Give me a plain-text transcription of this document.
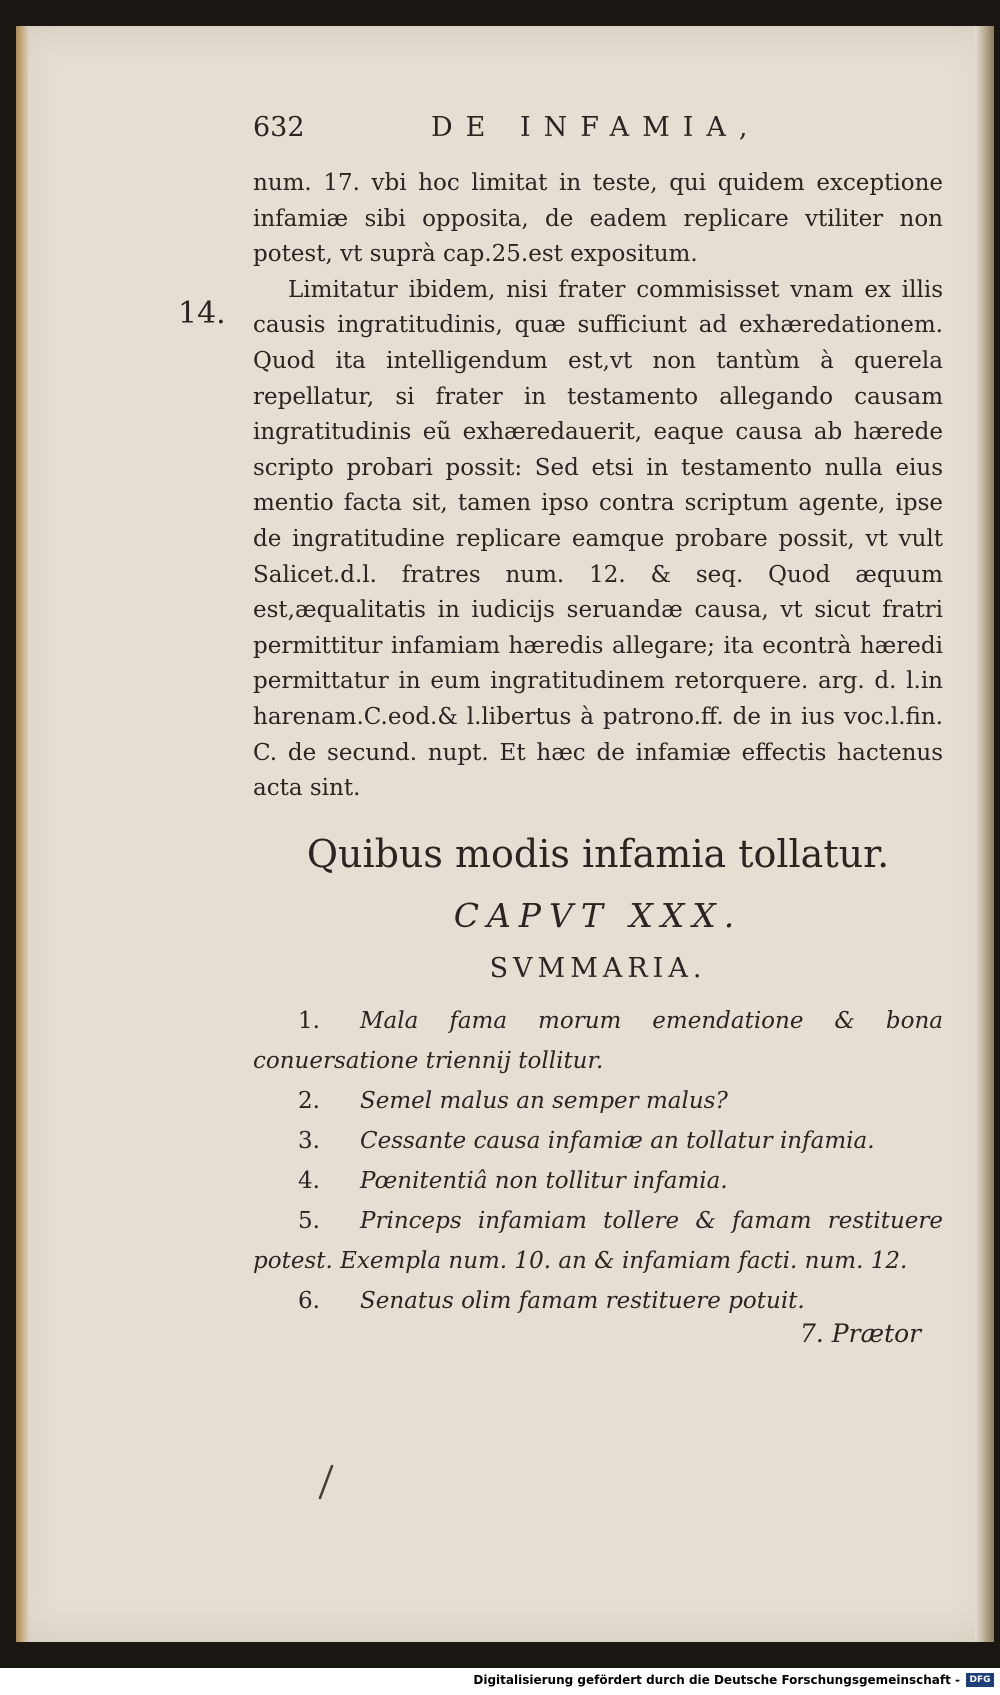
632	DE INFAMIA,
14.

num. 17. vbi hoc limitat in teste, qui quidem exceptione infamiæ sibi opposita, de eadem replicare vtiliter non potest, vt suprà cap.25.est expositum.

Limitatur ibidem, nisi frater commisisset vnam ex illis causis ingratitudinis, quæ sufficiunt ad exhæredationem. Quod ita intelligendum est,vt non tantùm à querela repellatur, si frater in testamento allegando causam ingratitudinis eũ exhæredauerit, eaque causa ab hærede scripto probari possit: Sed etsi in testamento nulla eius mentio facta sit, tamen ipso contra scriptum agente, ipse de ingratitudine replicare eamque probare possit, vt vult Salicet.d.l. fratres num. 12. & seq. Quod æquum est,æqualitatis in iudicijs seruandæ causa, vt sicut fratri permittitur infamiam hæredis allegare; ita econtrà hæredi permittatur in eum ingratitudinem retorquere. arg. d. l.in harenam.C.eod.& l.libertus à patrono.ff. de in ius voc.l.fin. C. de secund. nupt. Et hæc de infamiæ effectis hactenus acta sint.

Quibus modis infamia tollatur.
CAPVT XXX.
SVMMARIA.
1. Mala fama morum emendatione & bona conuersatione triennij tollitur.
2. Semel malus an semper malus?
3. Cessante causa infamiæ an tollatur infamia.
4. Pœnitentiâ non tollitur infamia.
5. Princeps infamiam tollere & famam restituere potest. Exempla num. 10. an & infamiam facti. num. 12.
6. Senatus olim famam restituere potuit.
7. Prætor
Digitalisierung gefördert durch die Deutsche Forschungsgemeinschaft -	DFG
